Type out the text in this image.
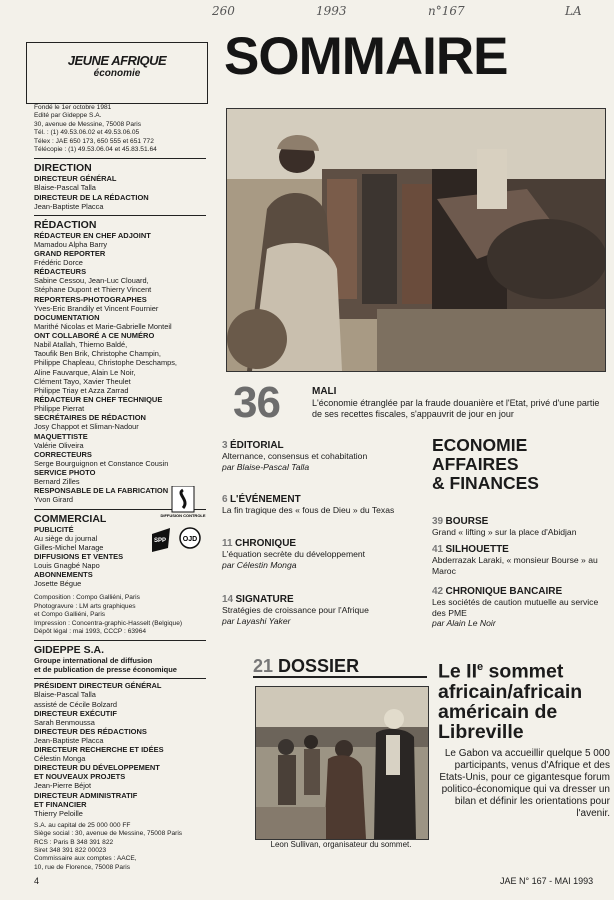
260	1993	n°167	LA
JEUNE AFRIQUE
économie
Fondé le 1er octobre 1981
Edité par Gideppe S.A.
30, avenue de Messine, 75008 Paris
Tél. : (1) 49.53.06.02 et 49.53.06.05
Télex : JAE 650 173, 650 555 et 651 772
Télécopie : (1) 49.53.06.04 et 45.83.51.64
DIRECTION
DIRECTEUR GÉNÉRAL
Blaise-Pascal Talla
DIRECTEUR DE LA RÉDACTION
Jean-Baptiste Placca
RÉDACTION
RÉDACTEUR EN CHEF ADJOINT
Mamadou Alpha Barry
GRAND REPORTER
Frédéric Dorce
RÉDACTEURS
Sabine Cessou, Jean-Luc Clouard,
Stéphane Dupont et Thierry Vincent
REPORTERS-PHOTOGRAPHES
Yves-Eric Brandily et Vincent Fournier
DOCUMENTATION
Marithé Nicolas et Marie-Gabrielle Monteil
ONT COLLABORÉ A CE NUMÉRO
Nabil Atallah, Thierno Baldé,
Taoufik Ben Brik, Christophe Champin,
Philippe Chapleau, Christophe Deschamps,
Aline Fauvarque, Alain Le Noir,
Clément Tayo, Xavier Theulet
Philippe Triay et Azza Zarrad
RÉDACTEUR EN CHEF TECHNIQUE
Philippe Pierrat
SECRÉTAIRES DE RÉDACTION
Josy Chappot et Sliman-Nadour
MAQUETTISTE
Valérie Oliveira
CORRECTEURS
Serge Bourguignon et Constance Cousin
SERVICE PHOTO
Bernard Zilles
RESPONSABLE DE LA FABRICATION
Yvon Girard
COMMERCIAL
PUBLICITÉ
Au siège du journal
Gilles-Michel Marage
DIFFUSIONS ET VENTES
Louis Gnagbé Napo
ABONNEMENTS
Josette Bégue
Composition : Compo Galliéni, Paris
Photogravure : LM arts graphiques
et Compo Galliéni, Paris
Impression : Concentra-graphic-Hasselt (Belgique)
Dépôt légal : mai 1993, CCCP : 63964
GIDEPPE S.A.
Groupe international de diffusion
et de publication de presse économique
PRÉSIDENT DIRECTEUR GÉNÉRAL
Blaise-Pascal Talla
assisté de Cécile Bolzard
DIRECTEUR EXÉCUTIF
Sarah Benmoussa
DIRECTEUR DES RÉDACTIONS
Jean-Baptiste Placca
DIRECTEUR RECHERCHE ET IDÉES
Célestin Monga
DIRECTEUR DU DÉVELOPPEMENT
ET NOUVEAUX PROJETS
Jean-Pierre Béjot
DIRECTEUR ADMINISTRATIF
ET FINANCIER
Thierry Peloille
S.A. au capital de 25 000 000 FF
Siège social : 30, avenue de Messine, 75008 Paris
RCS : Paris B 348 391 822
Siret 348 391 822 00023
Commissaire aux comptes : AACE,
10, rue de Florence, 75008 Paris
DIFFUSION CONTROLE
SPP OJD
SOMMAIRE
36	MALI
L'économie étranglée par la fraude douanière et l'Etat, privé d'une partie de ses recettes fiscales, s'appauvrit de jour en jour
3 ÉDITORIAL
Alternance, consensus et cohabitation
par Blaise-Pascal Talla
6 L'ÉVÉNEMENT
La fin tragique des « fous de Dieu » du Texas
11 CHRONIQUE
L'équation secrète du développement
par Célestin Monga
14 SIGNATURE
Stratégies de croissance pour l'Afrique
par Layashi Yaker
ECONOMIE
AFFAIRES
& FINANCES
39 BOURSE
Grand « lifting » sur la place d'Abidjan
41 SILHOUETTE
Abderrazak Laraki, « monsieur Bourse » au Maroc
42 CHRONIQUE BANCAIRE
Les sociétés de caution mutuelle au service des PME
par Alain Le Noir
21 DOSSIER
Leon Sullivan, organisateur du sommet.
Le IIe sommet africain/africain américain de Libreville
Le Gabon va accueillir quelque 5 000 participants, venus d'Afrique et des Etats-Unis, pour ce gigantesque forum politico-économique qui va dresser un bilan et définir les orientations pour l'avenir.
4	JAE N° 167 - MAI 1993
